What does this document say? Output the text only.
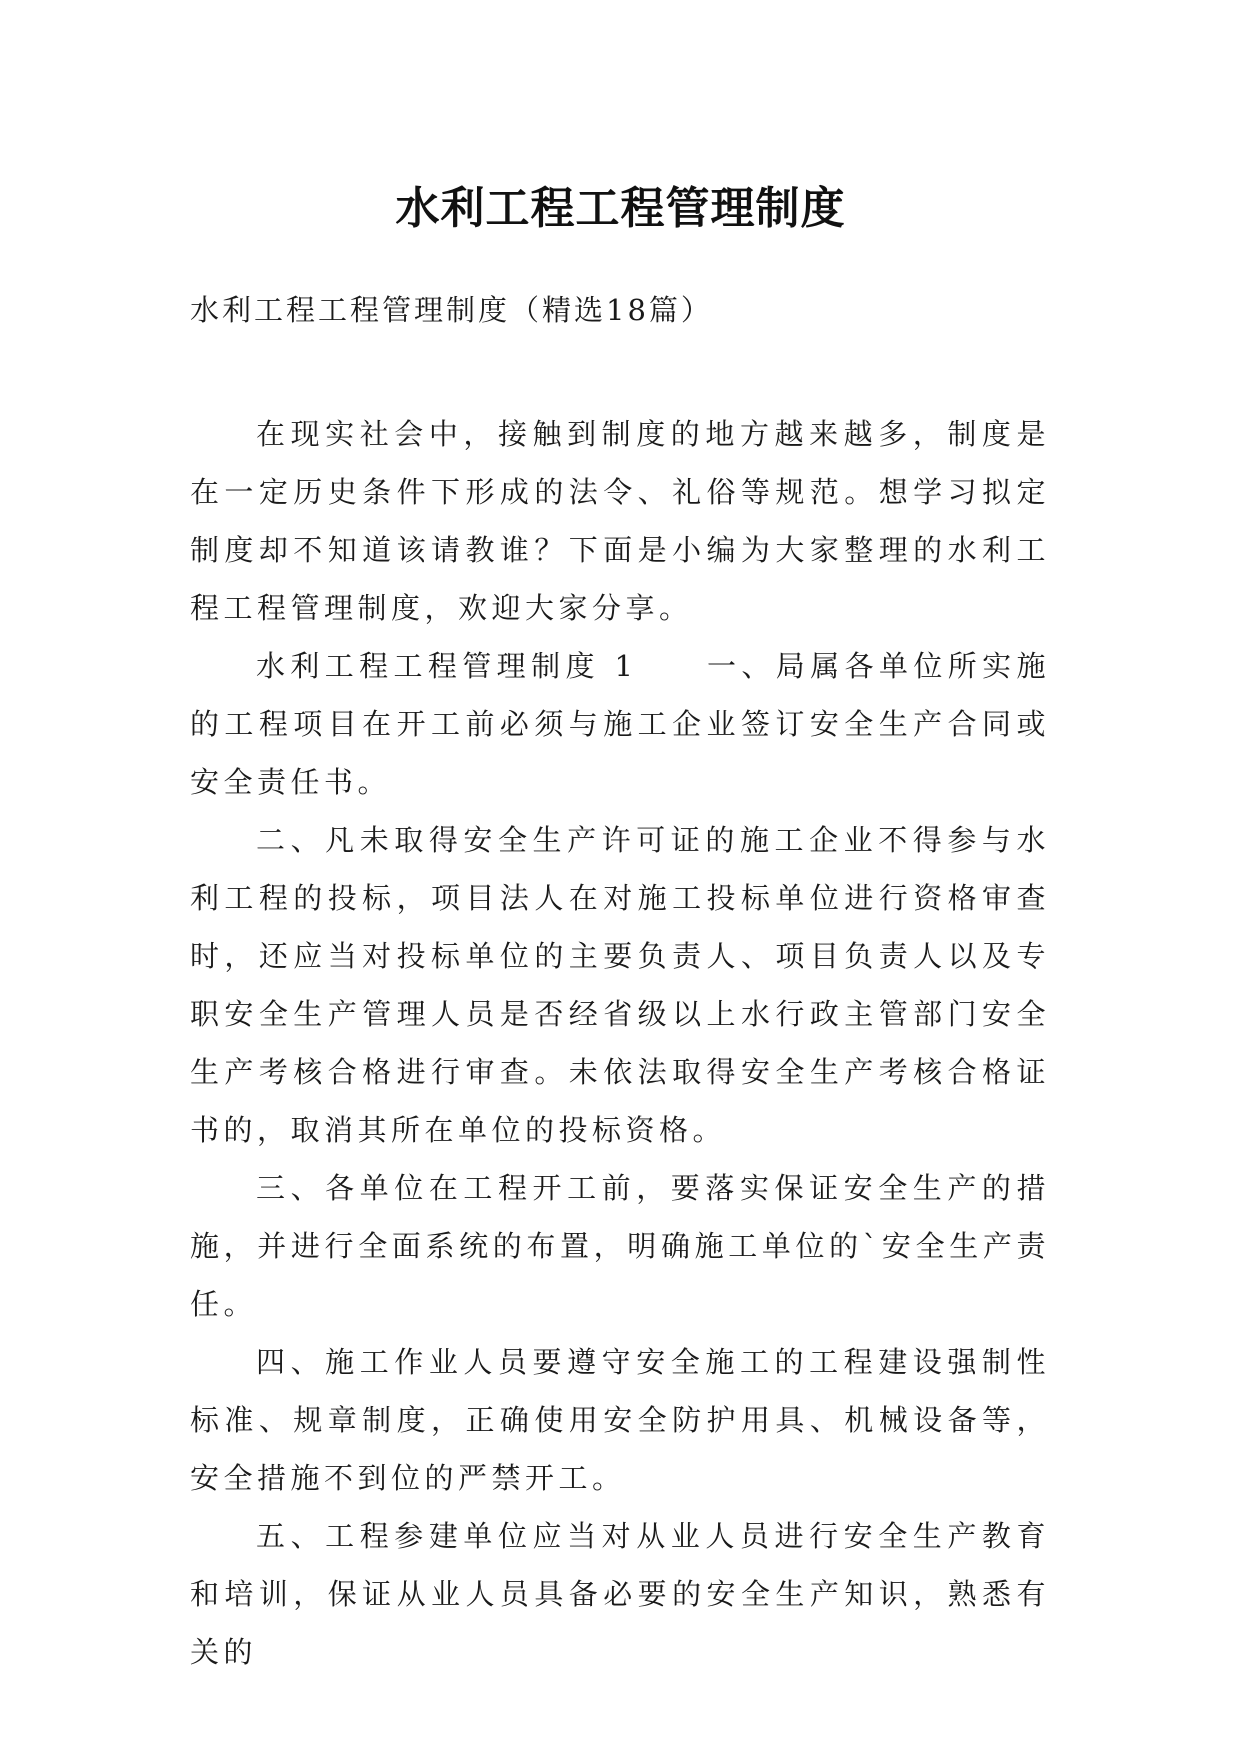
水利工程工程管理制度
水利工程工程管理制度（精选18篇）

在现实社会中，接触到制度的地方越来越多，制度是在一定历史条件下形成的法令、礼俗等规范。想学习拟定制度却不知道该请教谁？下面是小编为大家整理的水利工程工程管理制度，欢迎大家分享。

水利工程工程管理制度 1　　一、局属各单位所实施的工程项目在开工前必须与施工企业签订安全生产合同或安全责任书。

二、凡未取得安全生产许可证的施工企业不得参与水利工程的投标，项目法人在对施工投标单位进行资格审查时，还应当对投标单位的主要负责人、项目负责人以及专职安全生产管理人员是否经省级以上水行政主管部门安全生产考核合格进行审查。未依法取得安全生产考核合格证书的，取消其所在单位的投标资格。

三、各单位在工程开工前，要落实保证安全生产的措施，并进行全面系统的布置，明确施工单位的`安全生产责任。

四、施工作业人员要遵守安全施工的工程建设强制性标准、规章制度，正确使用安全防护用具、机械设备等，安全措施不到位的严禁开工。

五、工程参建单位应当对从业人员进行安全生产教育和培训，保证从业人员具备必要的安全生产知识，熟悉有关的
